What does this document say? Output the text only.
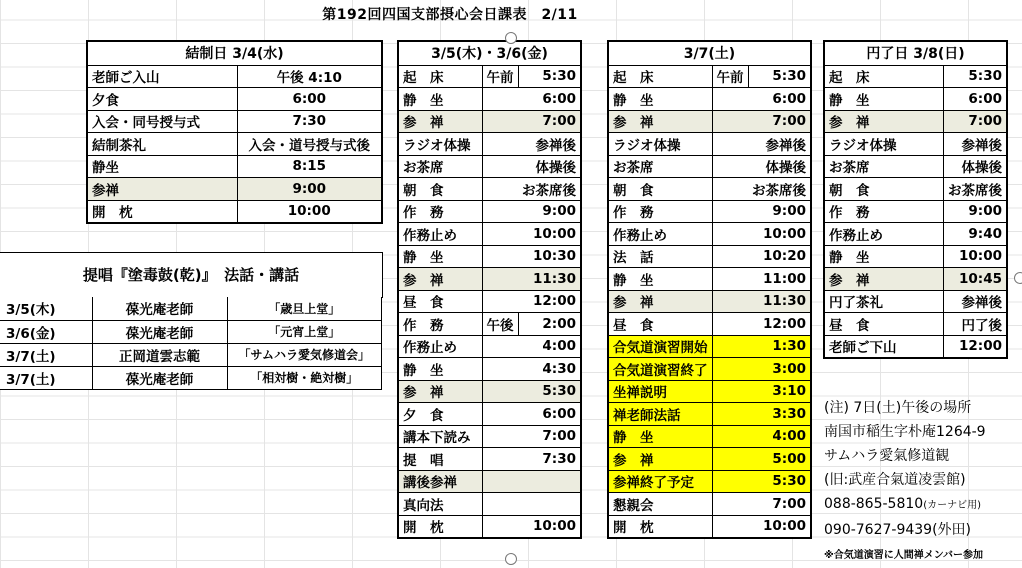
第192回四国支部摂心会日課表　2/11
結制日 3/4(水)	
老師ご入山	午後 4:10
夕食	6:00
入会・同号授与式	7:30
結制茶礼	入会・道号授与式後
静坐	8:15
参禅	9:00
開　枕	10:00
3/5(木)・3/6(金)		
起　床	午前	5:30
静　坐		6:00
参　禅		7:00
ラジオ体操		参禅後
お茶席		体操後
朝　食		お茶席後
作　務		9:00
作務止め		10:00
静　坐		10:30
参　禅		11:30
昼　食		12:00
作　務	午後	2:00
作務止め		4:00
静　坐		4:30
参　禅		5:30
夕　食		6:00
講本下読み		7:00
提　唱		7:30
講後参禅		
真向法		
開　枕		10:00
3/7(土)		
起　床	午前	5:30
静　坐		6:00
参　禅		7:00
ラジオ体操		参禅後
お茶席		体操後
朝　食		お茶席後
作　務		9:00
作務止め		10:00
法　話		10:20
静　坐		11:00
参　禅		11:30
昼　食		12:00
合気道演習開始		1:30
合気道演習終了		3:00
坐禅説明		3:10
禅老師法話		3:30
静　坐		4:00
参　禅		5:00
参禅終了予定		5:30
懇親会		7:00
開　枕		10:00
円了日 3/8(日)	
起　床	5:30
静　坐	6:00
参　禅	7:00
ラジオ体操	参禅後
お茶席	体操後
朝　食	お茶席後
作　務	9:00
作務止め	9:40
静　坐	10:00
参　禅	10:45
円了茶礼	参禅後
昼　食	円了後
老師ご下山	12:00
提唱『塗毒鼓(乾)』　法話・講話
3/5(木)	葆光庵老師	「歳旦上堂」
3/6(金)	葆光庵老師	「元宵上堂」
3/7(土)	正岡道雲志範	「サムハラ愛気修道会」
3/7(土)	葆光庵老師	「相対樹・絶対樹」
(注) 7日(土)午後の場所
南国市稲生字朴庵1264-9
サムハラ愛氣修道観
(旧:武産合氣道凌雲館)
088-865-5810(カーナビ用)
090-7627-9439(外田)
※合気道演習に人間禅メンバー参加
